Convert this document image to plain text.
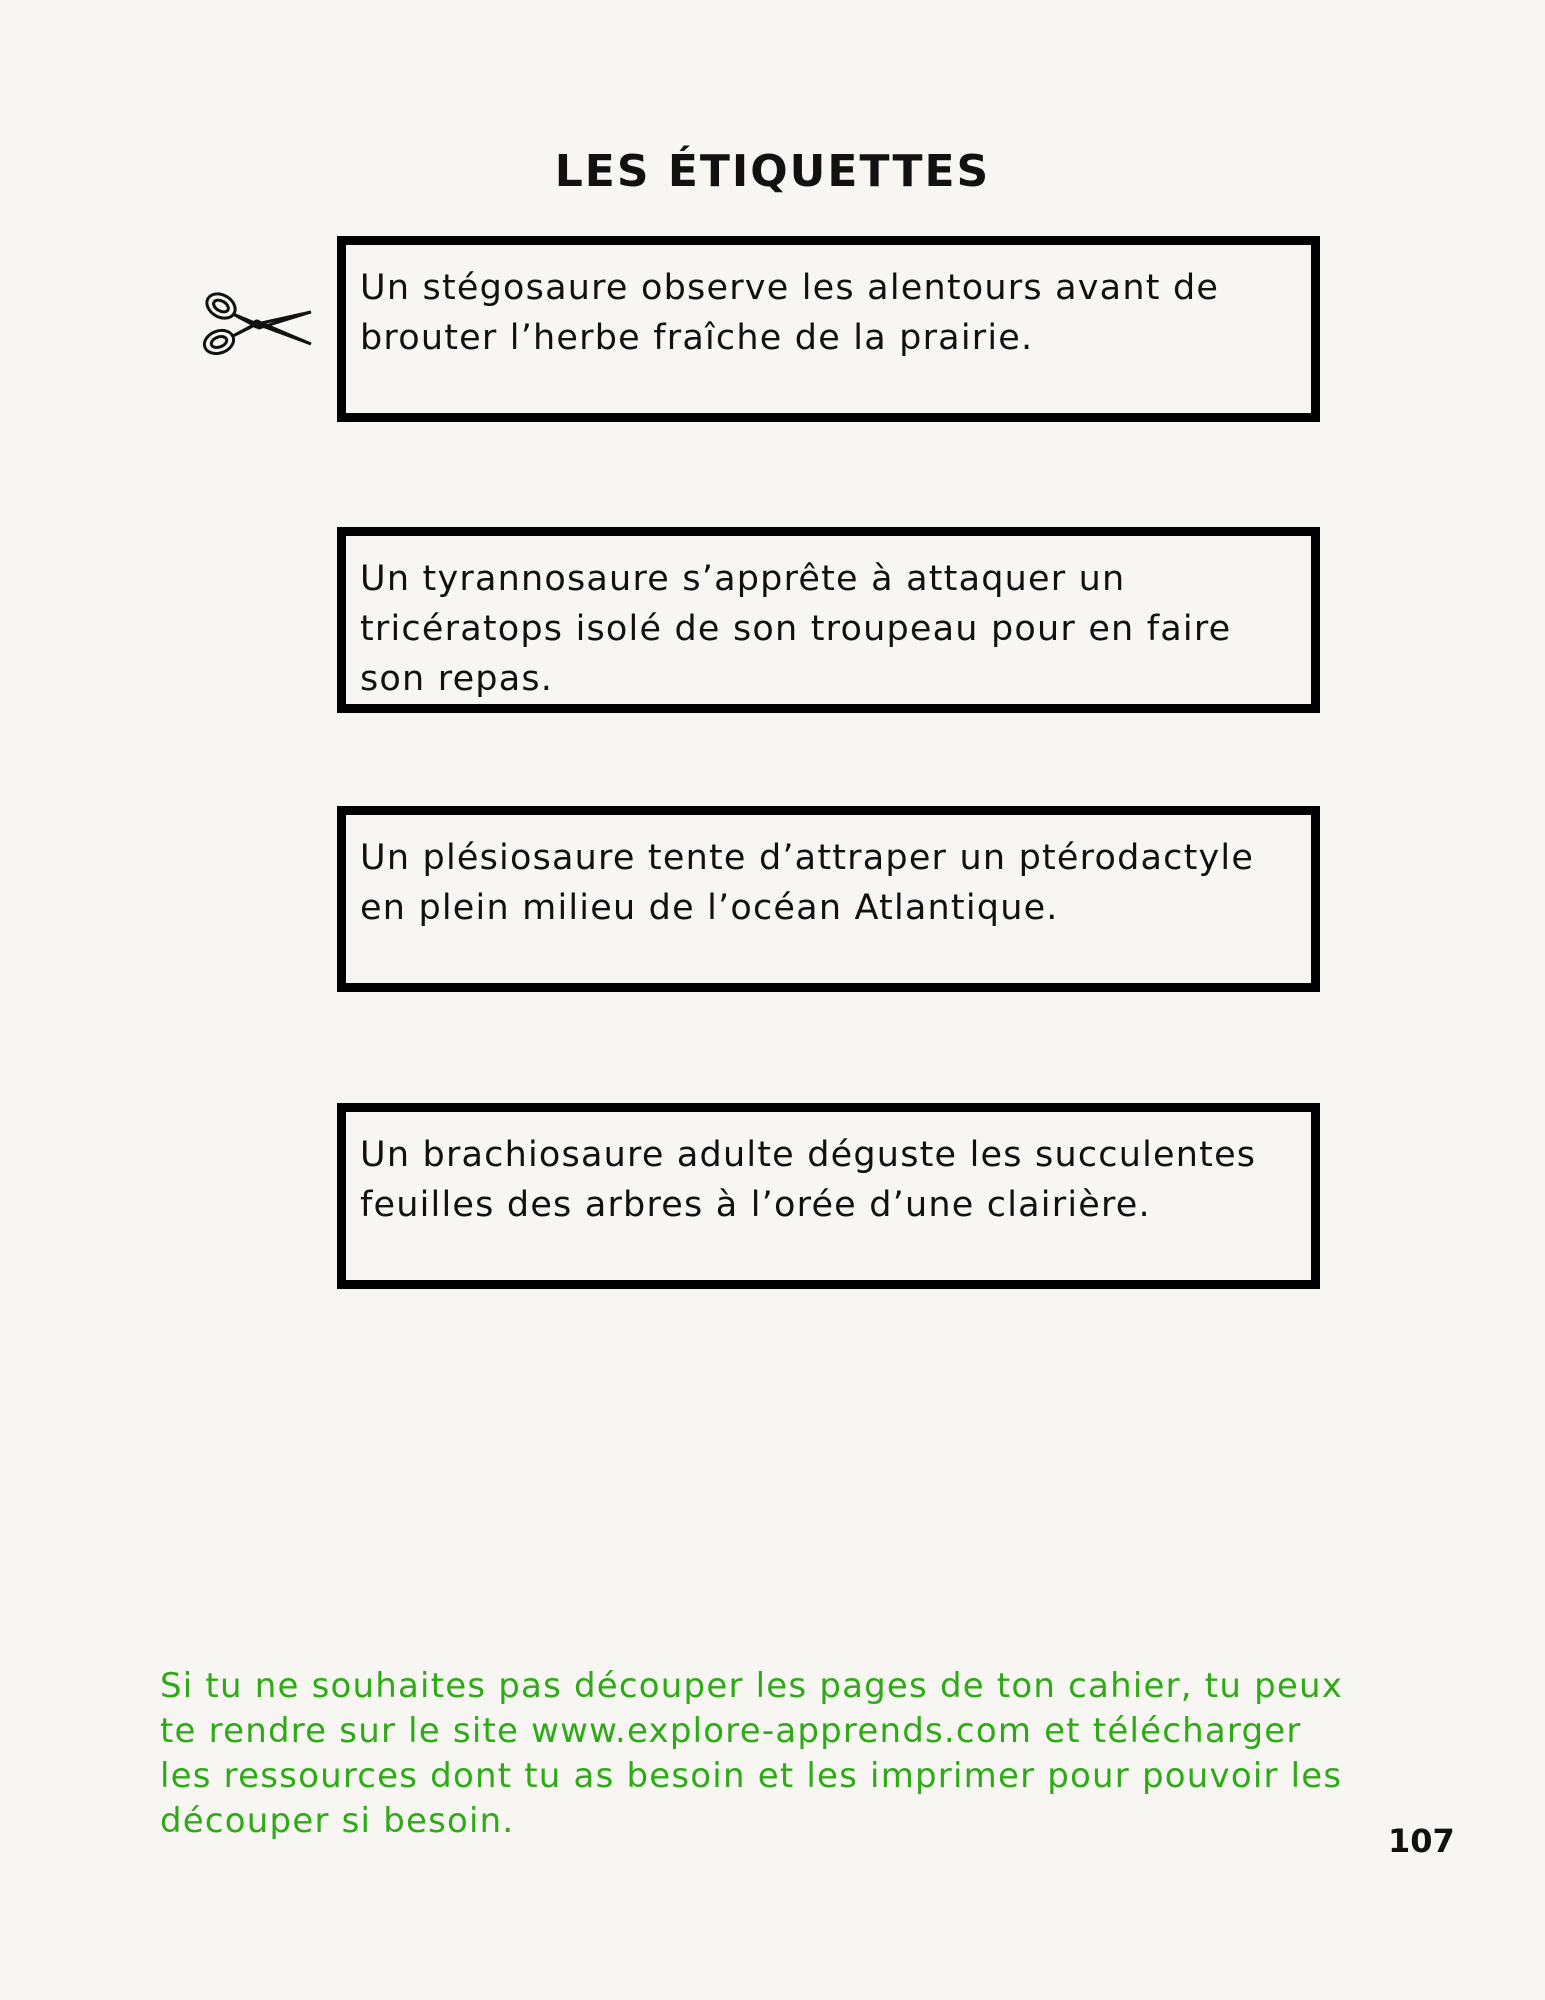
LES ÉTIQUETTES
Un stégosaure observe les alentours avant de brouter l’herbe fraîche de la prairie.
Un tyrannosaure s’apprête à attaquer un tricératops isolé de son troupeau pour en faire son repas.
Un plésiosaure tente d’attraper un ptérodactyle en plein milieu de l’océan Atlantique.
Un brachiosaure adulte déguste les succulentes feuilles des arbres à l’orée d’une clairière.
Si tu ne souhaites pas découper les pages de ton cahier, tu peux te rendre sur le site www.explore-apprends.com et télécharger les ressources dont tu as besoin et les imprimer pour pouvoir les découper si besoin.	107
